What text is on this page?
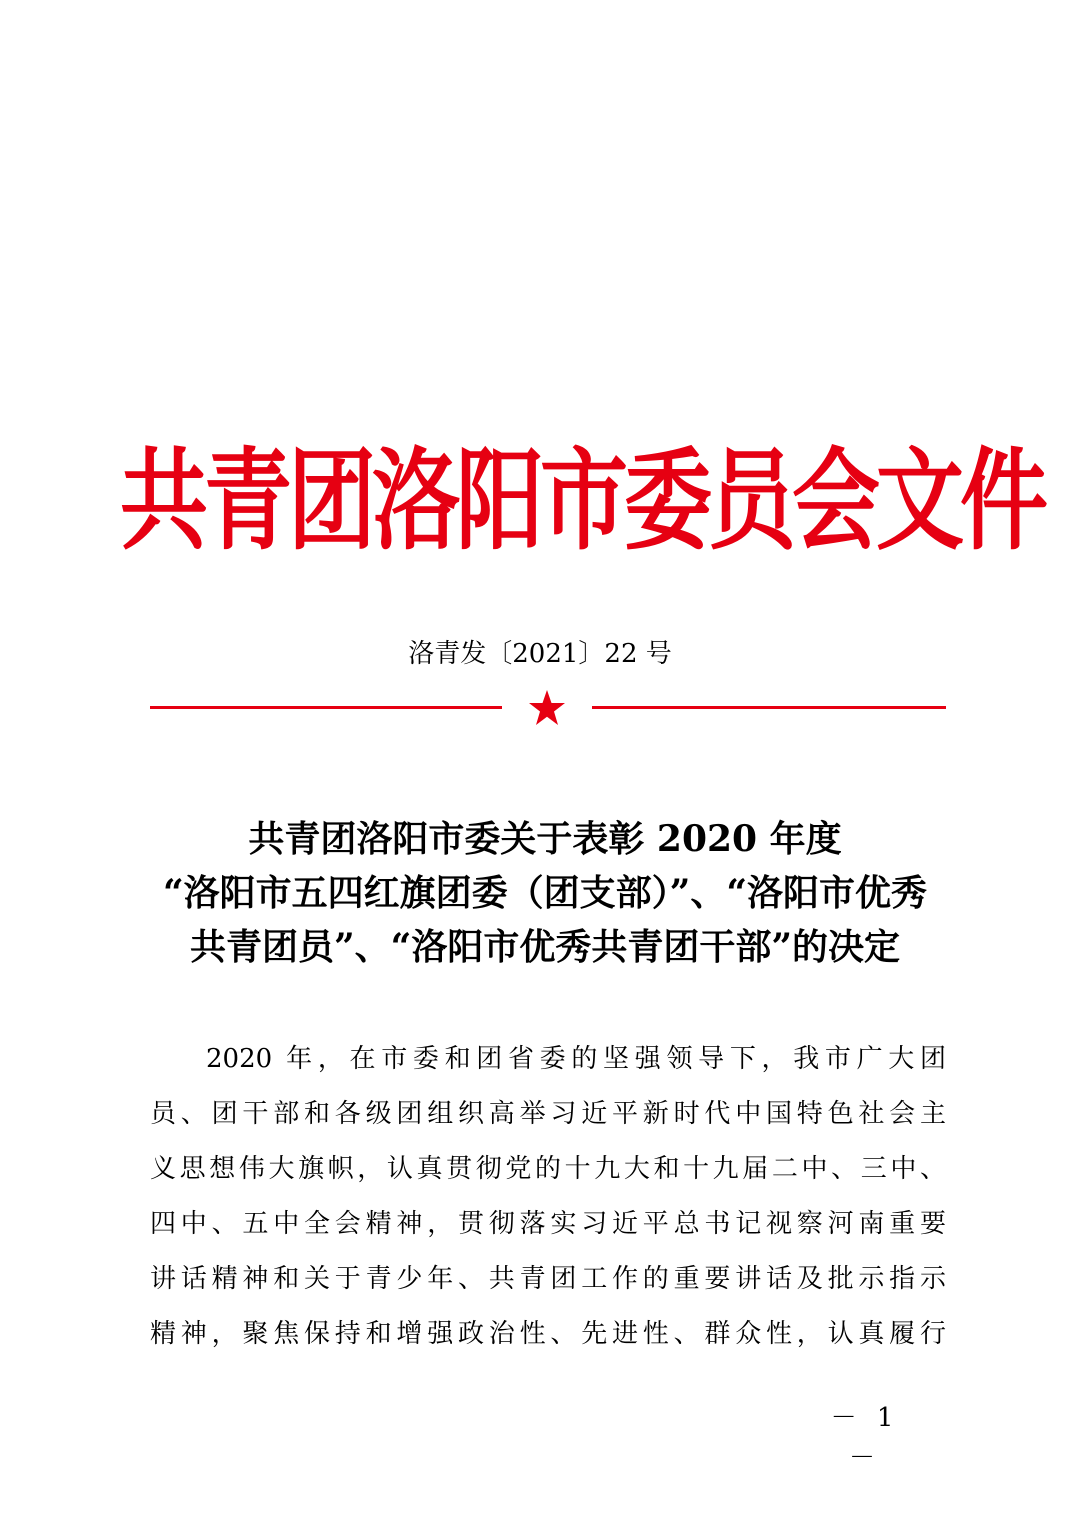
共青团洛阳市委员会文件
洛青发〔2021〕22 号
共青团洛阳市委关于表彰 2020 年度
“洛阳市五四红旗团委（团支部）”、“洛阳市优秀
共青团员”、“洛阳市优秀共青团干部”的决定
2020 年，在市委和团省委的坚强领导下，我市广大团
员、团干部和各级团组织高举习近平新时代中国特色社会主
义思想伟大旗帜，认真贯彻党的十九大和十九届二中、三中、
四中、五中全会精神，贯彻落实习近平总书记视察河南重要
讲话精神和关于青少年、共青团工作的重要讲话及批示指示
精神，聚焦保持和增强政治性、先进性、群众性，认真履行
－ 1 －
